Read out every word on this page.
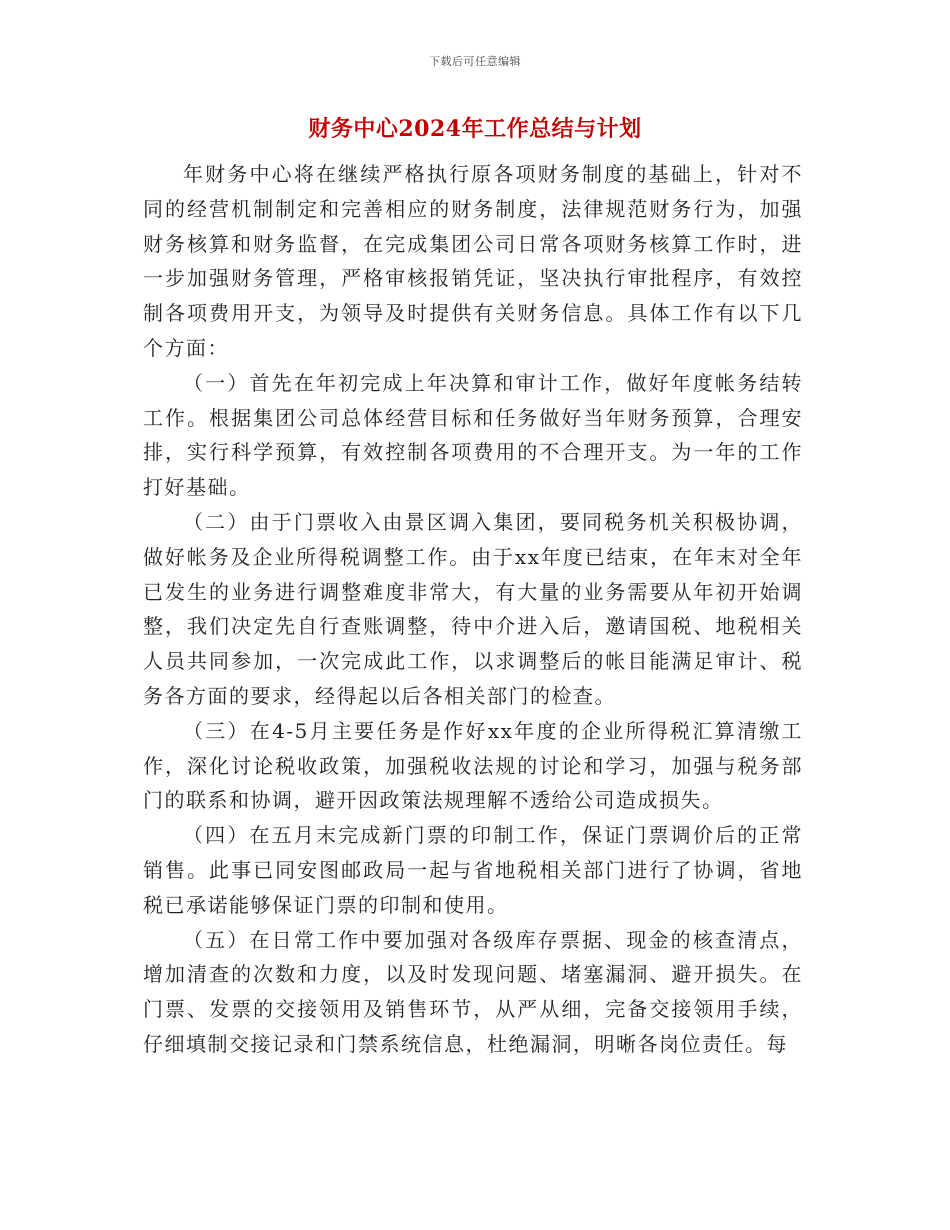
下载后可任意编辑
财务中心2024年工作总结与计划

年财务中心将在继续严格执行原各项财务制度的基础上，针对不同的经营机制制定和完善相应的财务制度，法律规范财务行为，加强财务核算和财务监督，在完成集团公司日常各项财务核算工作时，进一步加强财务管理，严格审核报销凭证，坚决执行审批程序，有效控制各项费用开支，为领导及时提供有关财务信息。具体工作有以下几个方面：

（一）首先在年初完成上年决算和审计工作，做好年度帐务结转工作。根据集团公司总体经营目标和任务做好当年财务预算，合理安排，实行科学预算，有效控制各项费用的不合理开支。为一年的工作打好基础。

（二）由于门票收入由景区调入集团，要同税务机关积极协调，做好帐务及企业所得税调整工作。由于xx年度已结束，在年末对全年已发生的业务进行调整难度非常大，有大量的业务需要从年初开始调整，我们决定先自行查账调整，待中介进入后，邀请国税、地税相关人员共同参加，一次完成此工作，以求调整后的帐目能满足审计、税务各方面的要求，经得起以后各相关部门的检查。

（三）在4-5月主要任务是作好xx年度的企业所得税汇算清缴工作，深化讨论税收政策，加强税收法规的讨论和学习，加强与税务部门的联系和协调，避开因政策法规理解不透给公司造成损失。

（四）在五月末完成新门票的印制工作，保证门票调价后的正常销售。此事已同安图邮政局一起与省地税相关部门进行了协调，省地税已承诺能够保证门票的印制和使用。

（五）在日常工作中要加强对各级库存票据、现金的核查清点，增加清查的次数和力度，以及时发现问题、堵塞漏洞、避开损失。在门票、发票的交接领用及销售环节，从严从细，完备交接领用手续，仔细填制交接记录和门禁系统信息，杜绝漏洞，明晰各岗位责任。每
